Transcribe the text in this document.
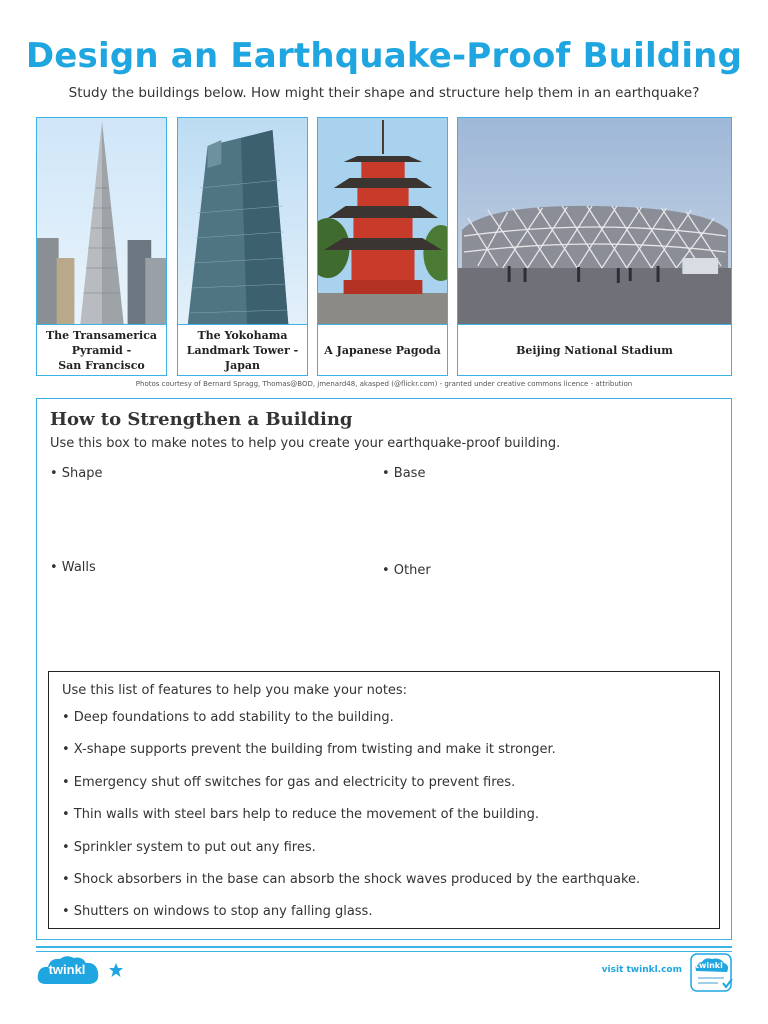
Design an Earthquake-Proof Building
Study the buildings below. How might their shape and structure help them in an earthquake?
The Transamerica
Pyramid -
San Francisco
The Yokohama
Landmark Tower -
Japan
A Japanese Pagoda	Beijing National Stadium
Photos courtesy of Bernard Spragg, Thomas@BOD, jmenard48, akasped (@flickr.com) - granted under creative commons licence - attribution
How to Strengthen a Building
Use this box to make notes to help you create your earthquake-proof building.
• Shape	• Base
• Walls	• Other
Use this list of features to help you make your notes:
• Deep foundations to add stability to the building.
• X-shape supports prevent the building from twisting and make it stronger.
• Emergency shut off switches for gas and electricity to prevent fires.
• Thin walls with steel bars help to reduce the movement of the building.
• Sprinkler system to put out any fires.
• Shock absorbers in the base can absorb the shock waves produced by the earthquake.
• Shutters on windows to stop any falling glass.
twinkl	visit twinkl.com	twinkl
